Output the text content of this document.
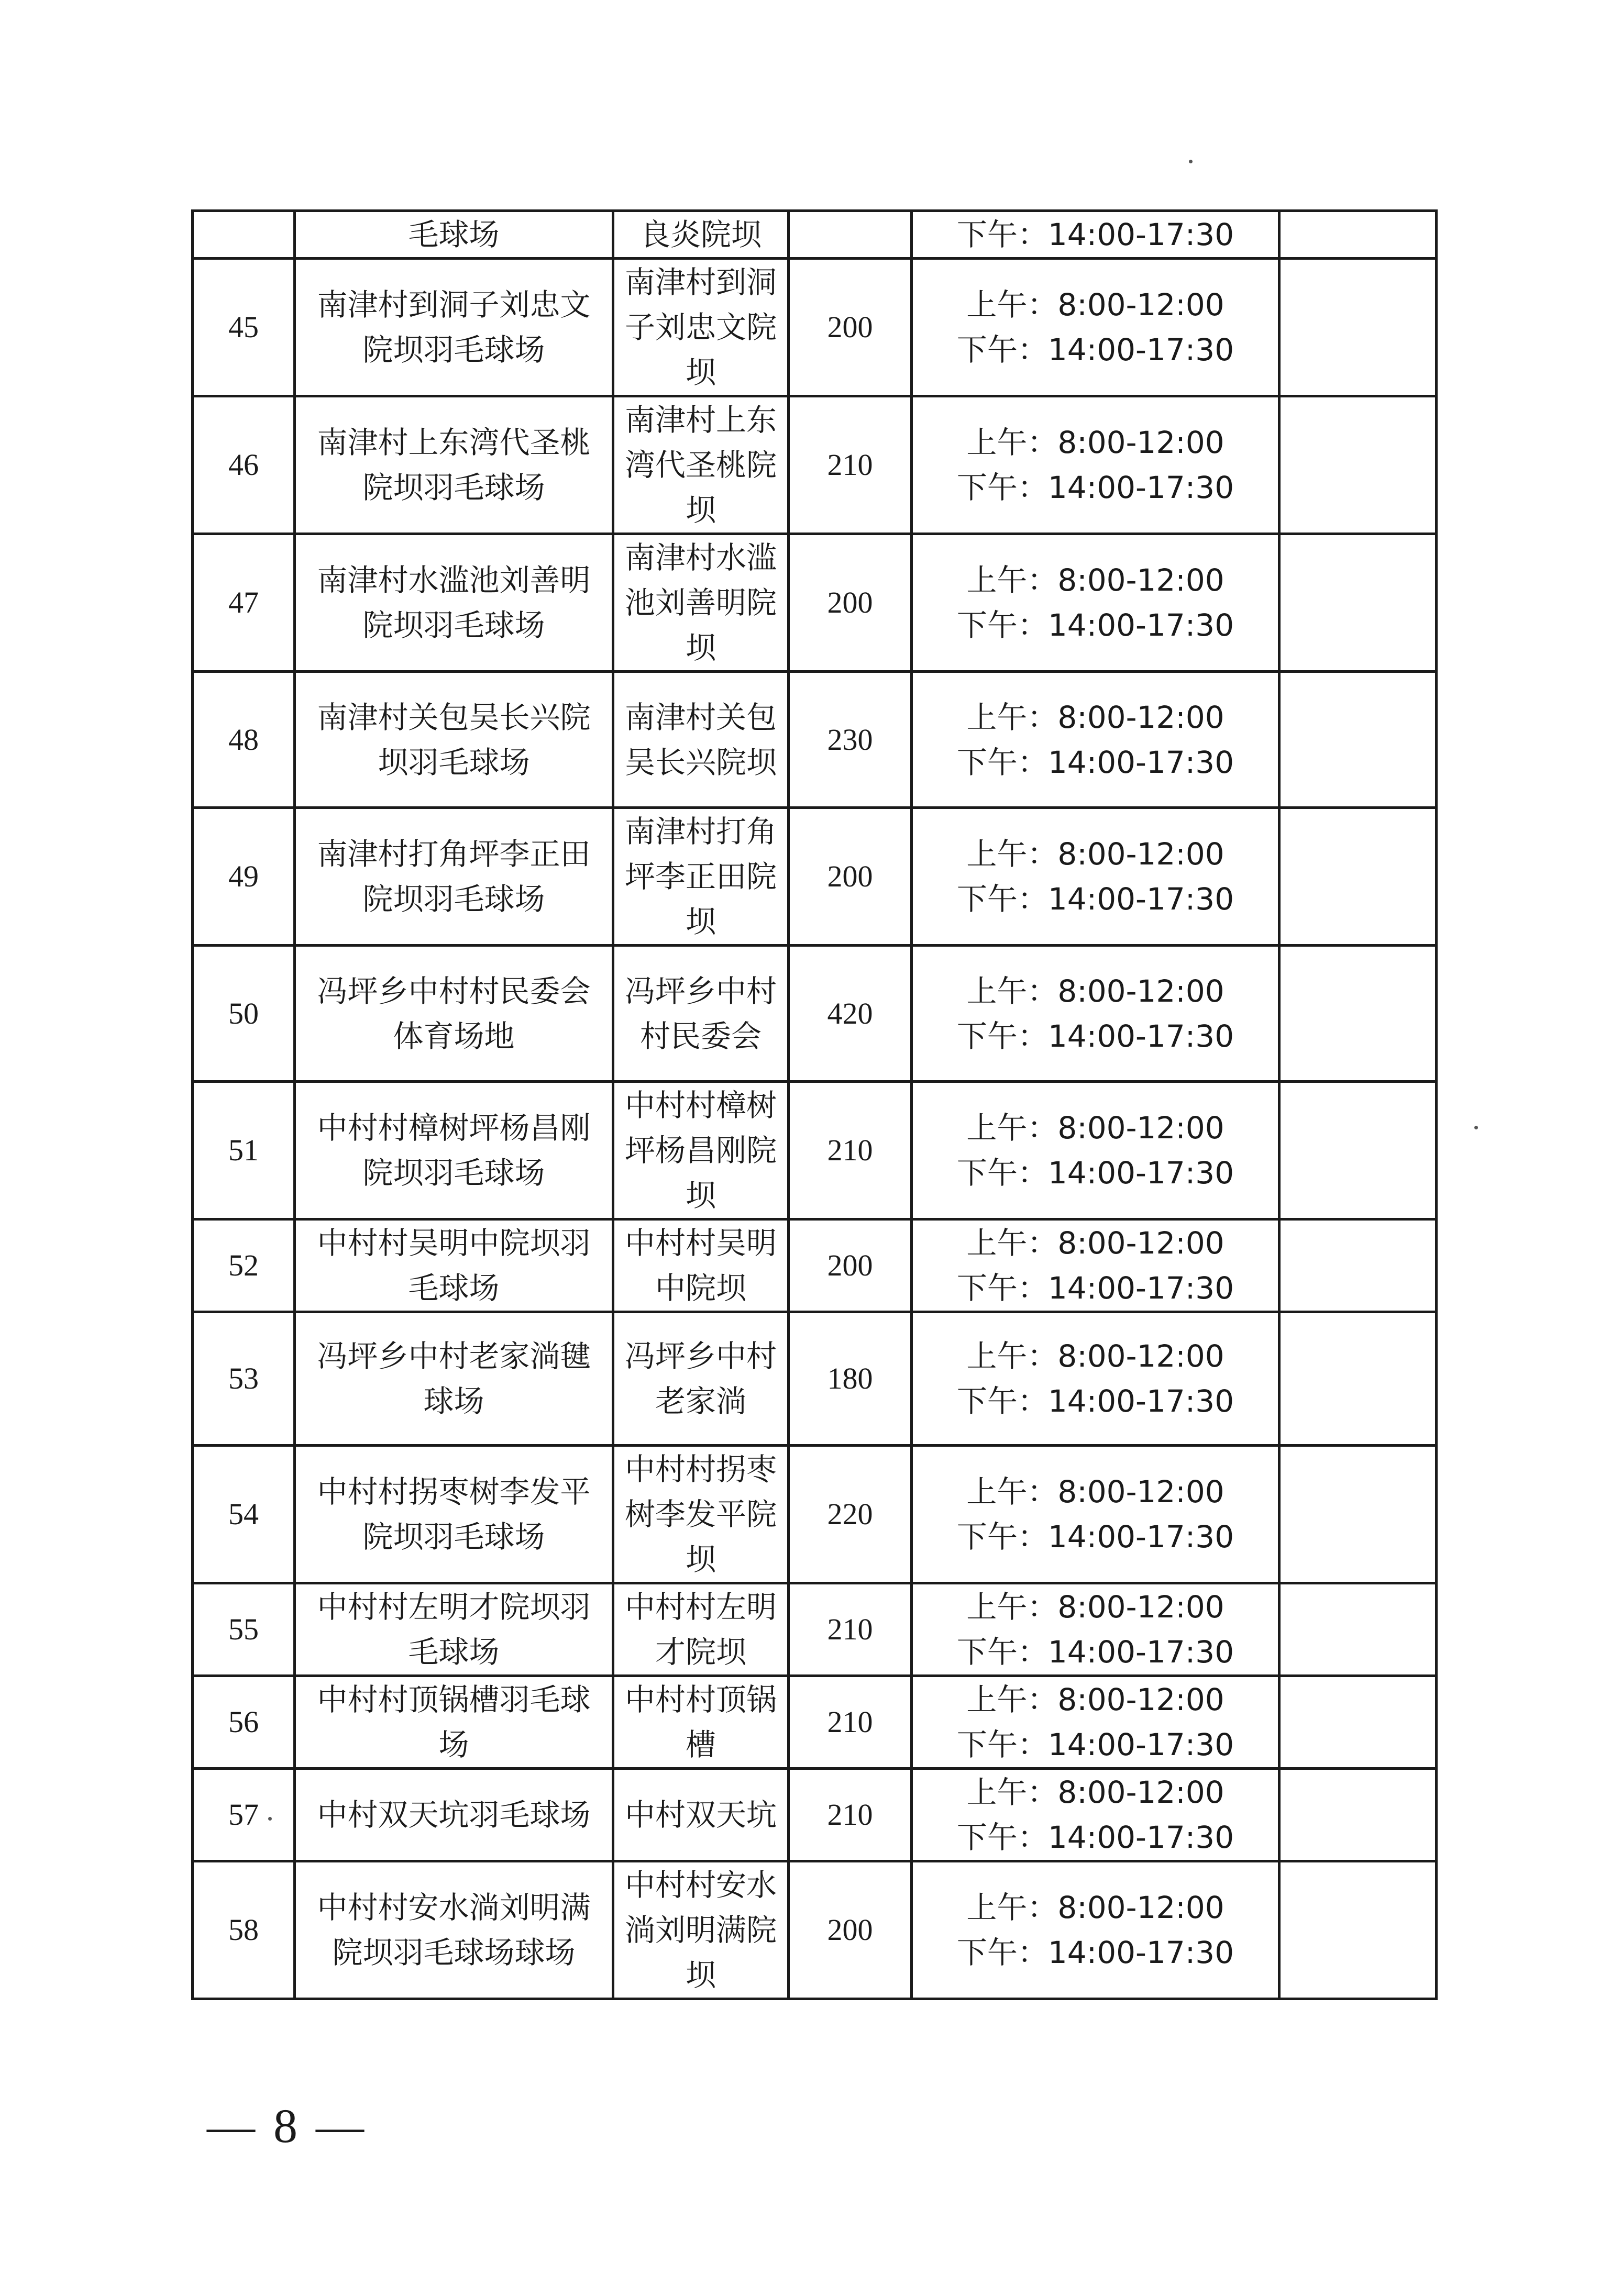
	毛球场	良炎院坝		下午：14:00-17:30	

45	南津村到洞子刘忠文院坝羽毛球场	南津村到洞子刘忠文院坝	200	上午：8:00-12:00
下午：14:00-17:30	

46	南津村上东湾代圣桃院坝羽毛球场	南津村上东湾代圣桃院坝	210	上午：8:00-12:00
下午：14:00-17:30	

47	南津村水滥池刘善明院坝羽毛球场	南津村水滥池刘善明院坝	200	上午：8:00-12:00
下午：14:00-17:30	

48	南津村关包吴长兴院坝羽毛球场	南津村关包吴长兴院坝	230	上午：8:00-12:00
下午：14:00-17:30	

49	南津村打角坪李正田院坝羽毛球场	南津村打角坪李正田院坝	200	上午：8:00-12:00
下午：14:00-17:30	

50	冯坪乡中村村民委会体育场地	冯坪乡中村村民委会	420	上午：8:00-12:00
下午：14:00-17:30	

51	中村村樟树坪杨昌刚院坝羽毛球场	中村村樟树坪杨昌刚院坝	210	上午：8:00-12:00
下午：14:00-17:30	

52	中村村吴明中院坝羽毛球场	中村村吴明中院坝	200	上午：8:00-12:00
下午：14:00-17:30	

53	冯坪乡中村老家淌毽球场	冯坪乡中村老家淌	180	上午：8:00-12:00
下午：14:00-17:30	

54	中村村拐枣树李发平院坝羽毛球场	中村村拐枣树李发平院坝	220	上午：8:00-12:00
下午：14:00-17:30	

55	中村村左明才院坝羽毛球场	中村村左明才院坝	210	上午：8:00-12:00
下午：14:00-17:30	

56	中村村顶锅槽羽毛球场	中村村顶锅槽	210	上午：8:00-12:00
下午：14:00-17:30	

57	中村双天坑羽毛球场	中村双天坑	210	上午：8:00-12:00
下午：14:00-17:30	

58	中村村安水淌刘明满院坝羽毛球场球场	中村村安水淌刘明满院坝	200	上午：8:00-12:00
下午：14:00-17:30	

— 8 —
